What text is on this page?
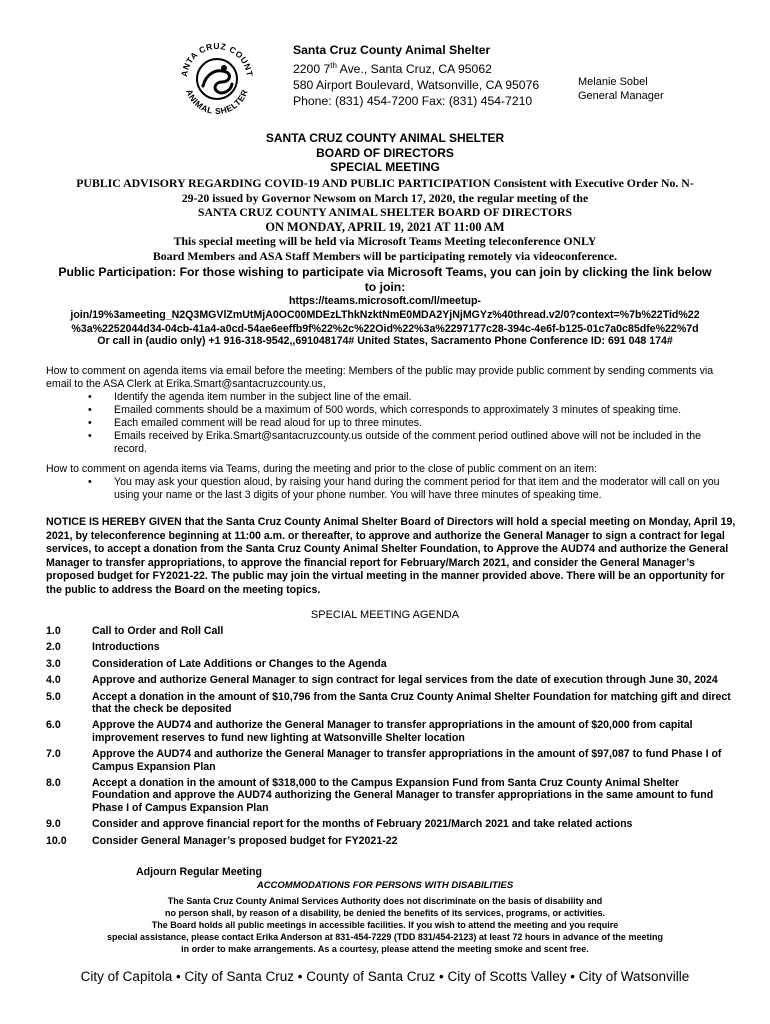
ANTA CRUZ COUNT
ANIMAL SHELTER
Santa Cruz County Animal Shelter
2200 7th Ave., Santa Cruz, CA 95062
580 Airport Boulevard, Watsonville, CA 95076
Phone: (831) 454-7200 Fax: (831) 454-7210
Melanie Sobel
General Manager
SANTA CRUZ COUNTY ANIMAL SHELTER
BOARD OF DIRECTORS
SPECIAL MEETING
PUBLIC ADVISORY REGARDING COVID-19 AND PUBLIC PARTICIPATION Consistent with Executive Order No. N-
29-20 issued by Governor Newsom on March 17, 2020, the regular meeting of the
SANTA CRUZ COUNTY ANIMAL SHELTER BOARD OF DIRECTORS
ON MONDAY, APRIL 19, 2021 AT 11:00 AM
This special meeting will be held via Microsoft Teams Meeting teleconference ONLY
Board Members and ASA Staff Members will be participating remotely via videoconference.
Public Participation: For those wishing to participate via Microsoft Teams, you can join by clicking the link below
to join:
https://teams.microsoft.com/l/meetup-
join/19%3ameeting_N2Q3MGVlZmUtMjA0OC00MDEzLThkNzktNmE0MDA2YjNjMGYz%40thread.v2/0?context=%7b%22Tid%22
%3a%2252044d34-04cb-41a4-a0cd-54ae6eeffb9f%22%2c%22Oid%22%3a%2297177c28-394c-4e6f-b125-01c7a0c85dfe%22%7d
Or call in (audio only) +1 916-318-9542,,691048174# United States, Sacramento Phone Conference ID: 691 048 174#
How to comment on agenda items via email before the meeting: Members of the public may provide public comment by sending comments via email to the ASA Clerk at Erika.Smart@santacruzcounty.us,
• Identify the agenda item number in the subject line of the email.
• Emailed comments should be a maximum of 500 words, which corresponds to approximately 3 minutes of speaking time.
• Each emailed comment will be read aloud for up to three minutes.
• Emails received by Erika.Smart@santacruzcounty.us outside of the comment period outlined above will not be included in the record.
How to comment on agenda items via Teams, during the meeting and prior to the close of public comment on an item:
• You may ask your question aloud, by raising your hand during the comment period for that item and the moderator will call on you using your name or the last 3 digits of your phone number. You will have three minutes of speaking time.
NOTICE IS HEREBY GIVEN that the Santa Cruz County Animal Shelter Board of Directors will hold a special meeting on Monday, April 19, 2021, by teleconference beginning at 11:00 a.m. or thereafter, to approve and authorize the General Manager to sign a contract for legal services, to accept a donation from the Santa Cruz County Animal Shelter Foundation, to Approve the AUD74 and authorize the General Manager to transfer appropriations, to approve the financial report for February/March 2021, and consider the General Manager’s proposed budget for FY2021-22. The public may join the virtual meeting in the manner provided above. There will be an opportunity for the public to address the Board on the meeting topics.
SPECIAL MEETING AGENDA
1.0	Call to Order and Roll Call
2.0	Introductions
3.0	Consideration of Late Additions or Changes to the Agenda
4.0	Approve and authorize General Manager to sign contract for legal services from the date of execution through June 30, 2024
5.0	Accept a donation in the amount of $10,796 from the Santa Cruz County Animal Shelter Foundation for matching gift and direct that the check be deposited
6.0	Approve the AUD74 and authorize the General Manager to transfer appropriations in the amount of $20,000 from capital improvement reserves to fund new lighting at Watsonville Shelter location
7.0	Approve the AUD74 and authorize the General Manager to transfer appropriations in the amount of $97,087 to fund Phase I of Campus Expansion Plan
8.0	Accept a donation in the amount of $318,000 to the Campus Expansion Fund from Santa Cruz County Animal Shelter Foundation and approve the AUD74 authorizing the General Manager to transfer appropriations in the same amount to fund Phase I of Campus Expansion Plan
9.0	Consider and approve financial report for the months of February 2021/March 2021 and take related actions
10.0 Consider General Manager’s proposed budget for FY2021-22
Adjourn Regular Meeting
ACCOMMODATIONS FOR PERSONS WITH DISABILITIES
The Santa Cruz County Animal Services Authority does not discriminate on the basis of disability and
no person shall, by reason of a disability, be denied the benefits of its services, programs, or activities.
The Board holds all public meetings in accessible facilities. If you wish to attend the meeting and you require
special assistance, please contact Erika Anderson at 831-454-7229 (TDD 831/454-2123) at least 72 hours in advance of the meeting
in order to make arrangements. As a courtesy, please attend the meeting smoke and scent free.
City of Capitola • City of Santa Cruz • County of Santa Cruz • City of Scotts Valley • City of Watsonville
